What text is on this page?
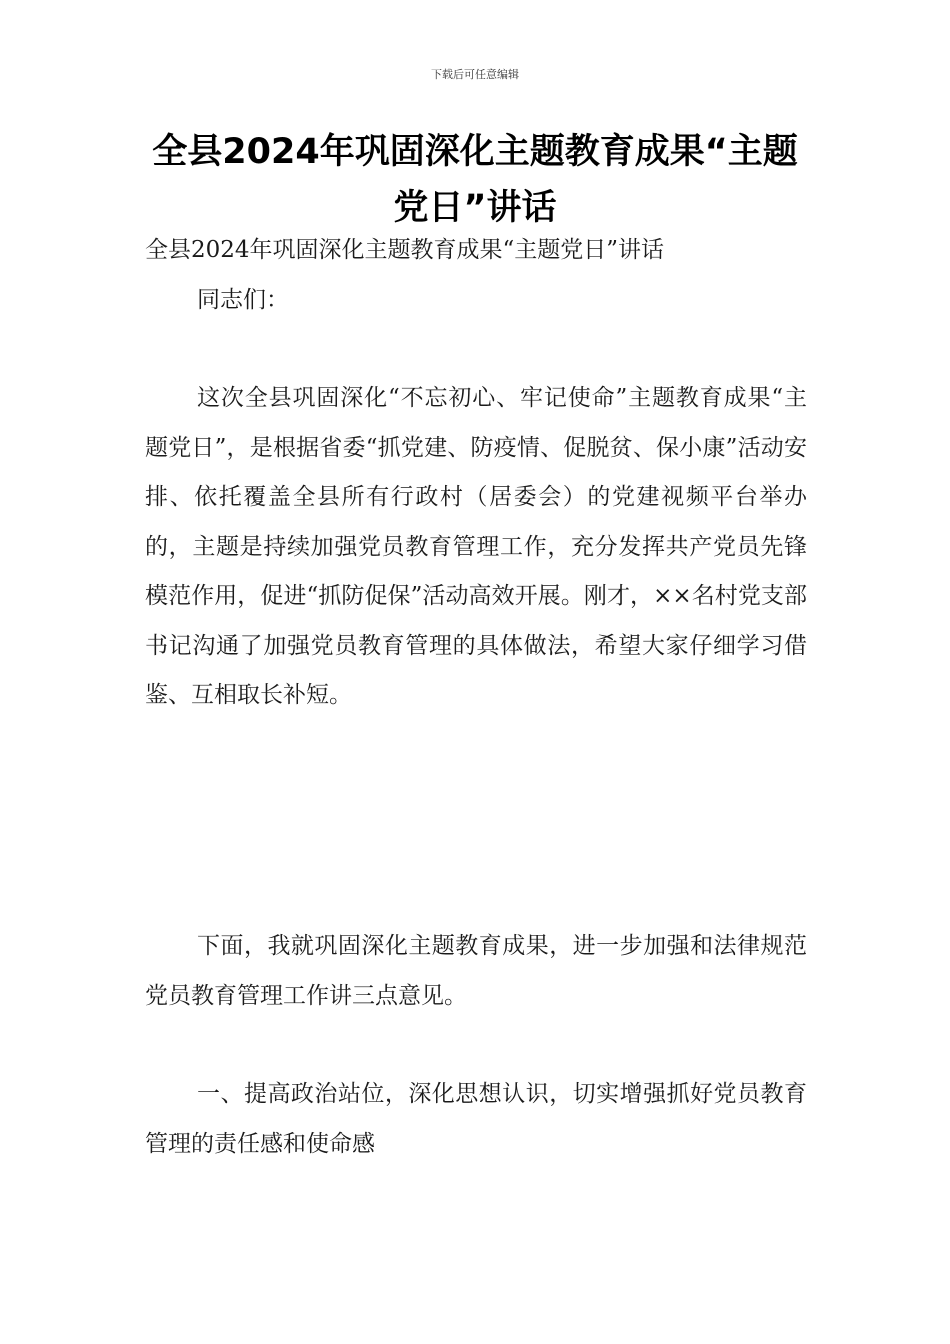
下载后可任意编辑
全县2024年巩固深化主题教育成果“主题党日”讲话
全县2024年巩固深化主题教育成果“主题党日”讲话
同志们：

这次全县巩固深化“不忘初心、牢记使命”主题教育成果“主题党日”，是根据省委“抓党建、防疫情、促脱贫、保小康”活动安排、依托覆盖全县所有行政村（居委会）的党建视频平台举办的，主题是持续加强党员教育管理工作，充分发挥共产党员先锋模范作用，促进“抓防促保”活动高效开展。刚才，××名村党支部书记沟通了加强党员教育管理的具体做法，希望大家仔细学习借鉴、互相取长补短。

下面，我就巩固深化主题教育成果，进一步加强和法律规范党员教育管理工作讲三点意见。

一、提高政治站位，深化思想认识，切实增强抓好党员教育管理的责任感和使命感
